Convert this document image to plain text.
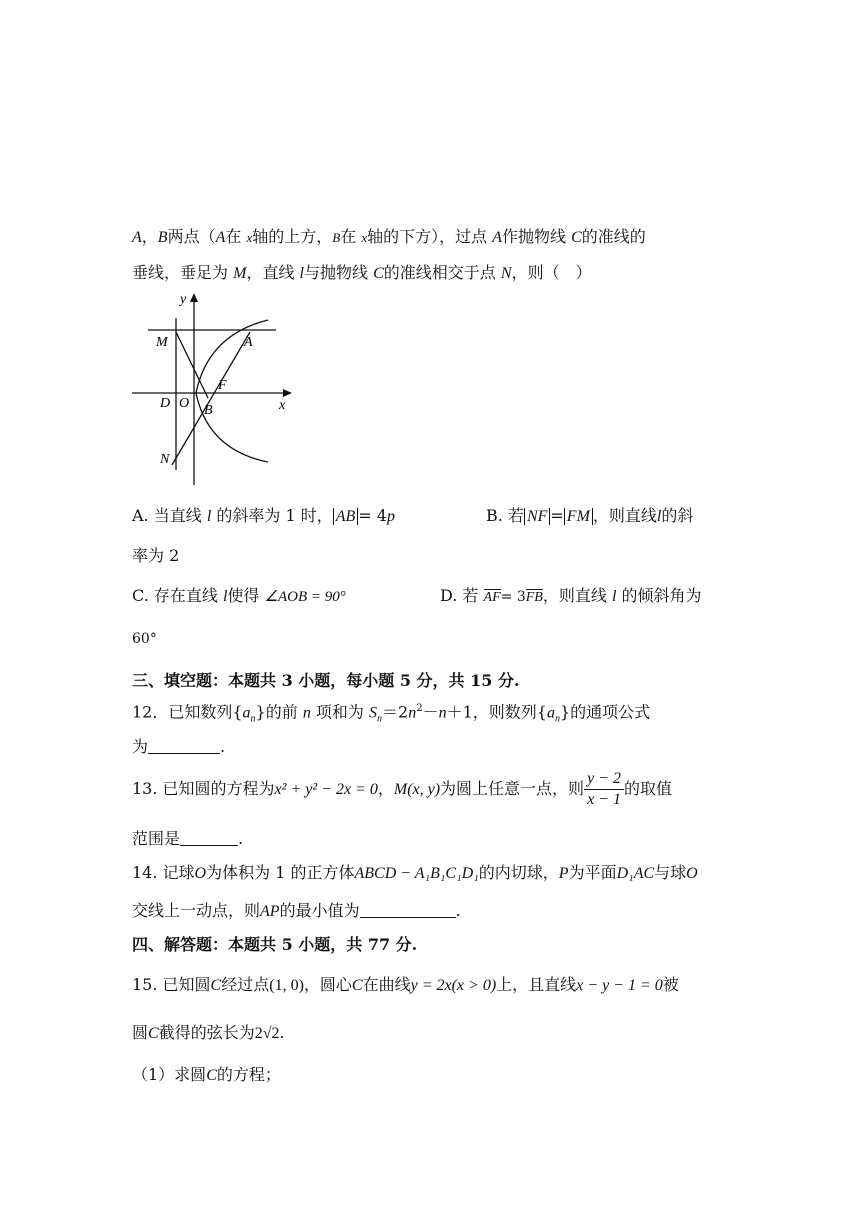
A，B两点（A在 x轴的上方，B在 x轴的下方），过点 A作抛物线 C的准线的
垂线，垂足为 M，直线 l与抛物线 C的准线相交于点 N，则（　）
y
x
M	A
F
D O B
N
A. 当直线 l 的斜率为 1 时， AB = 4p	B. 若 NF = FM ，则直线l的斜
率为 2
C. 存在直线 l使得 ∠AOB = 90°	D. 若 AF= 3FB，则直线 l 的倾斜角为
60°
三、填空题：本题共 3 小题，每小题 5 分，共 15 分.
12．已知数列$\{a_n\}$的前 n 项和为 $S_n=2n^2-n+1$，则数列$\{a_n\}$的通项公式
为	.
13. 已知圆的方程为x² + y² − 2x = 0，M(x, y)为圆上任意一点，则 $\frac{y - 2}{x - 1}$ 的取值
范围是	.
14. 记球O为体积为 1 的正方体ABCD − A₁B₁C₁D₁的内切球，P为平面D₁AC与球O
交线上一动点，则AP的最小值为	.
四、解答题：本题共 5 小题，共 77 分.
15. 已知圆C经过点(1, 0)，圆心C在曲线y = 2x(x > 0)上，且直线x − y − 1 = 0被
圆C截得的弦长为2√2.
（1）求圆C的方程；
